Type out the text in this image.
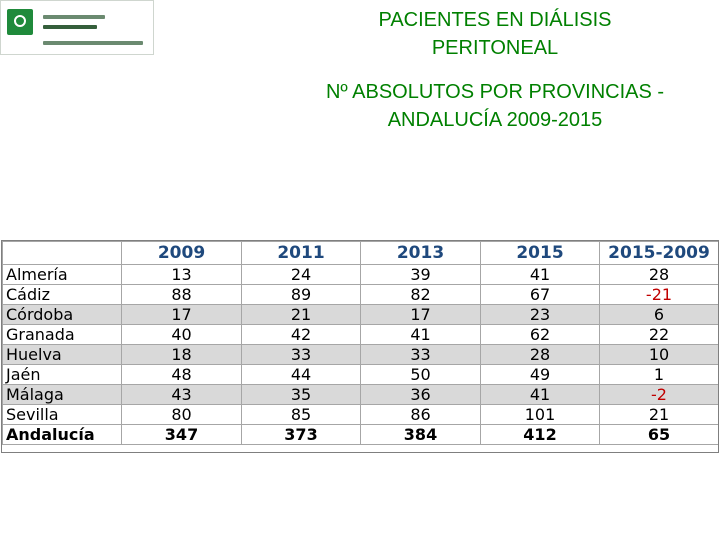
PACIENTES EN DIÁLISIS
PERITONEAL

Nº ABSOLUTOS POR PROVINCIAS -
ANDALUCÍA 2009-2015

	2009	2011	2013	2015	2015-2009
Almería	13	24	39	41	28
Cádiz	88	89	82	67	-21
Córdoba	17	21	17	23	6
Granada	40	42	41	62	22
Huelva	18	33	33	28	10
Jaén	48	44	50	49	1
Málaga	43	35	36	41	-2
Sevilla	80	85	86	101	21
Andalucía	347	373	384	412	65
